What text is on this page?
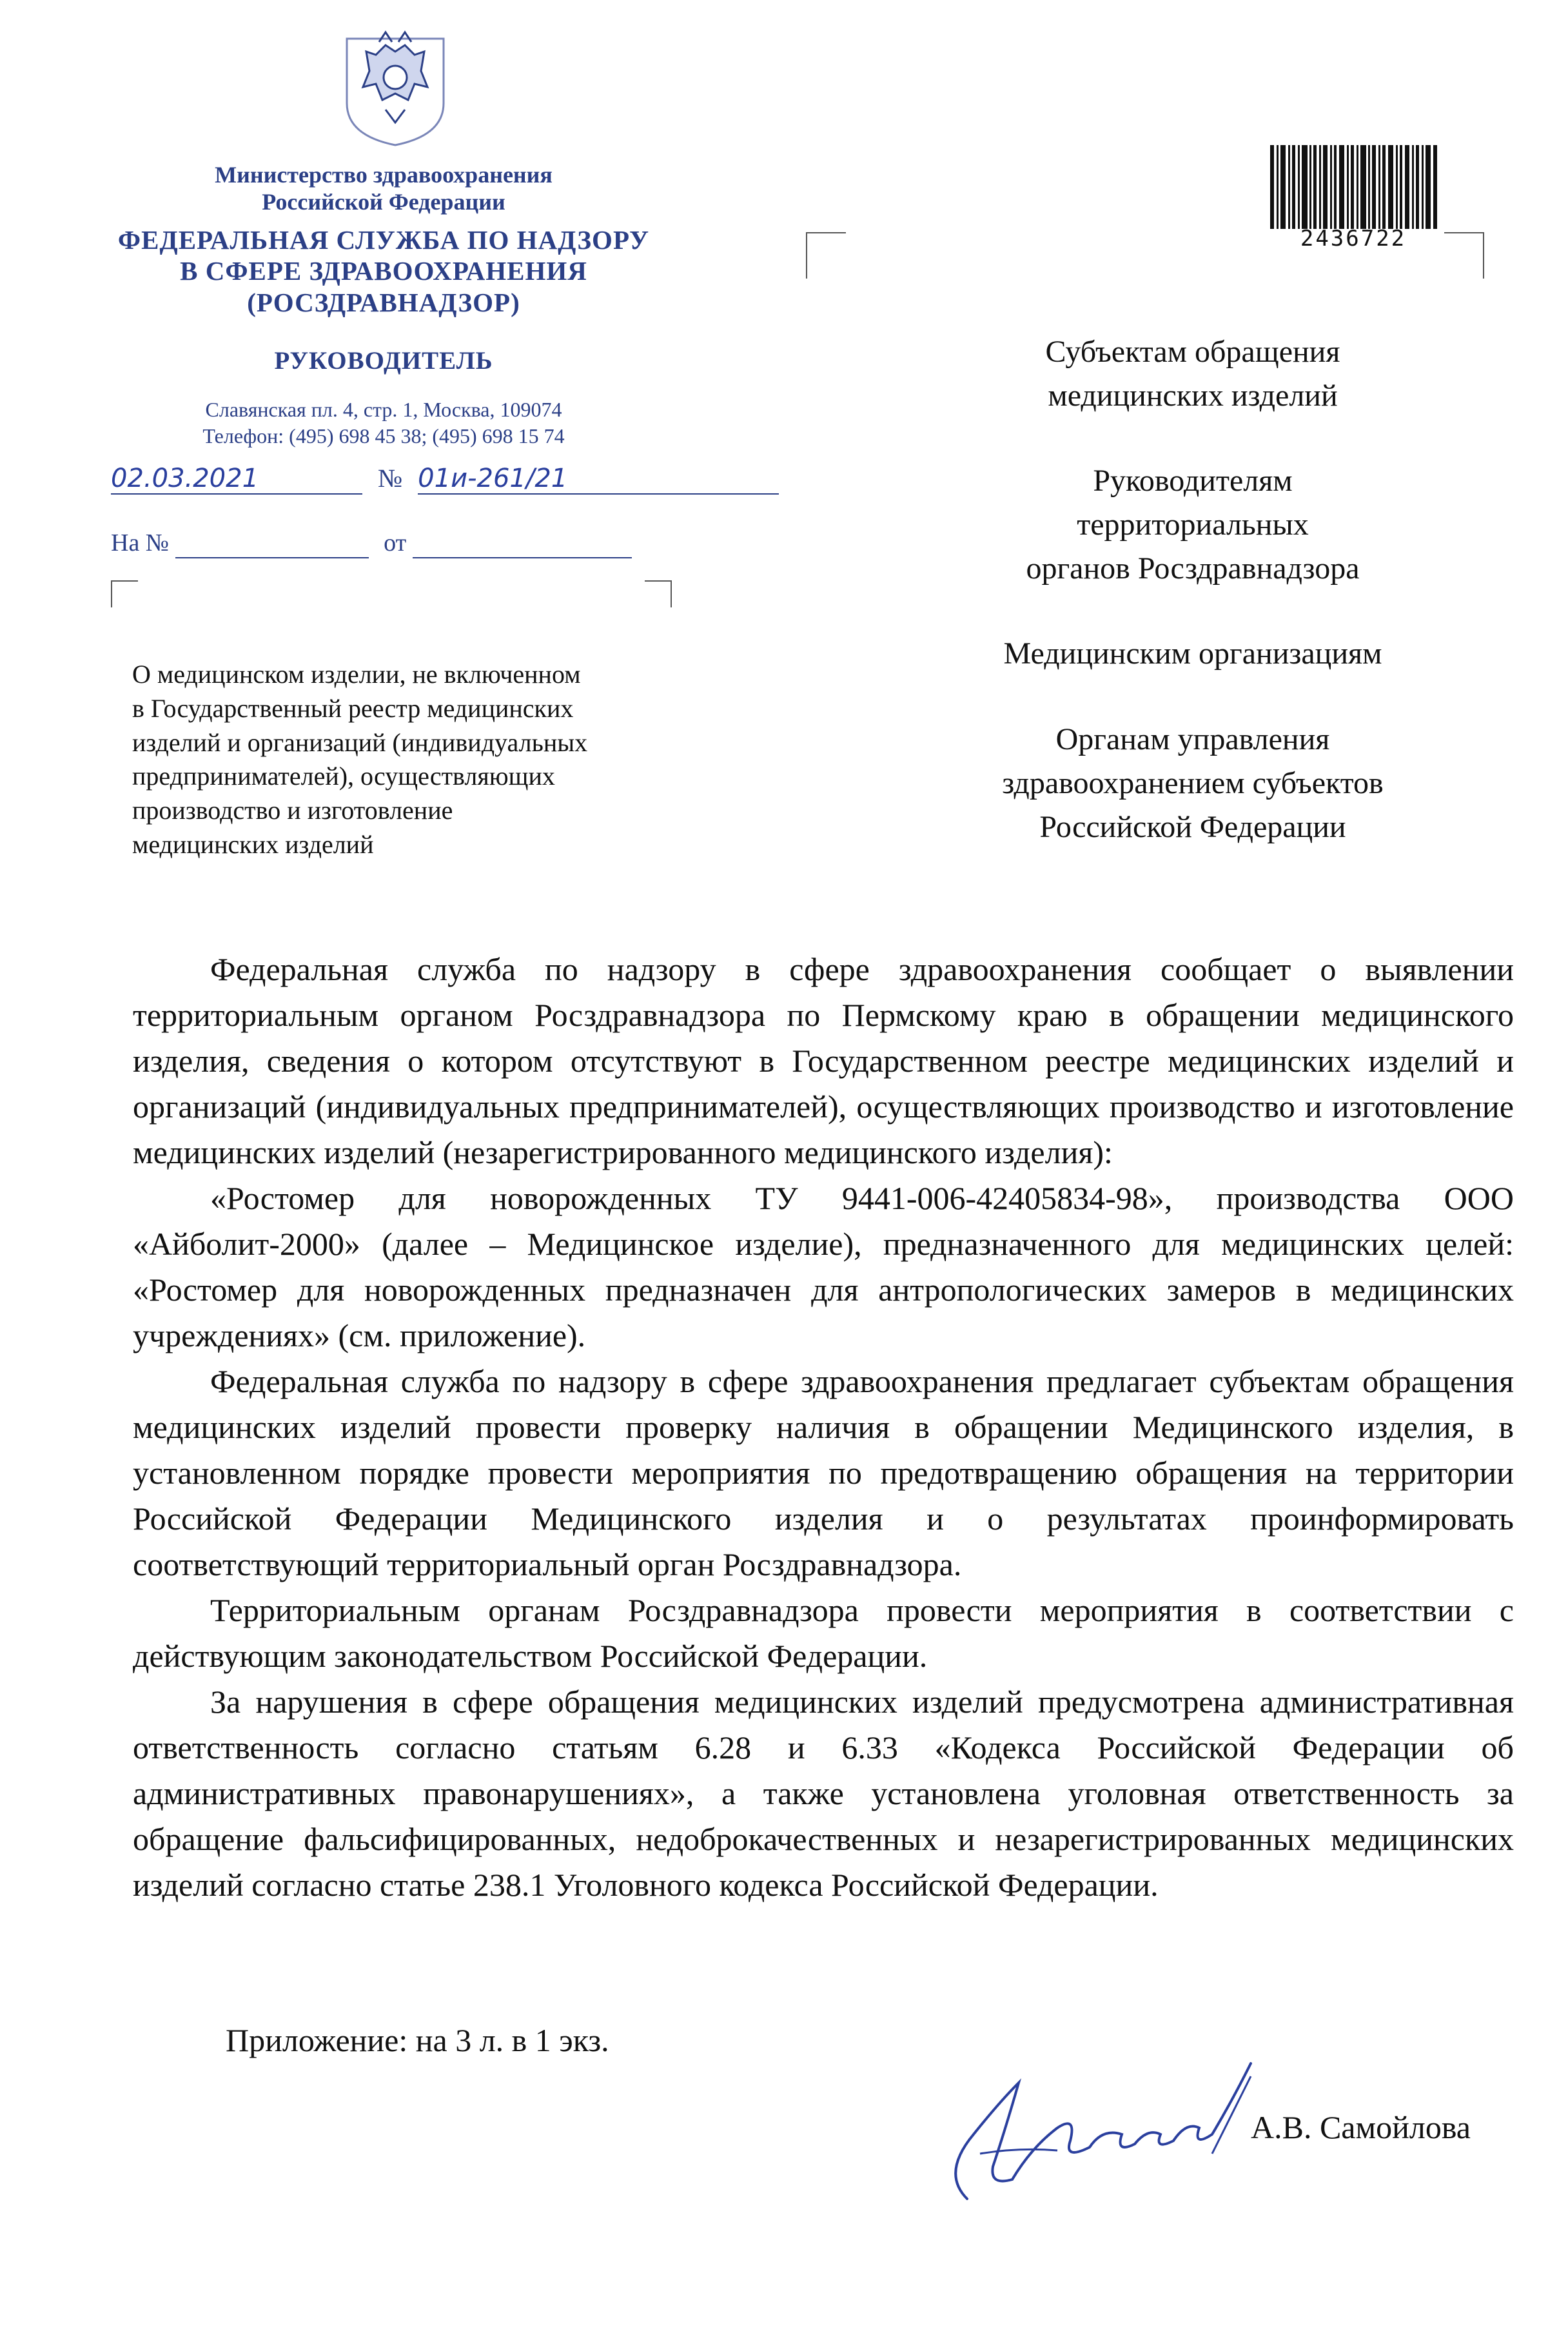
Министерство здравоохранения
Российской Федерации
ФЕДЕРАЛЬНАЯ СЛУЖБА ПО НАДЗОРУ
В СФЕРЕ ЗДРАВООХРАНЕНИЯ
(РОСЗДРАВНАДЗОР)
РУКОВОДИТЕЛЬ
Славянская пл. 4, стр. 1, Москва, 109074
Телефон: (495) 698 45 38; (495) 698 15 74
02.03.2021	№ 01и-261/21
На №	от
О медицинском изделии, не включенном
в Государственный реестр медицинских
изделий и организаций (индивидуальных
предпринимателей), осуществляющих
производство и изготовление
медицинских изделий
2436722
Субъектам обращения
медицинских изделий
Руководителям
территориальных
органов Росздравнадзора
Медицинским организациям
Органам управления
здравоохранением субъектов
Российской Федерации

Федеральная служба по надзору в сфере здравоохранения сообщает о выявлении территориальным органом Росздравнадзора по Пермскому краю в обращении медицинского изделия, сведения о котором отсутствуют в Государственном реестре медицинских изделий и организаций (индивидуальных предпринимателей), осуществляющих производство и изготовление медицинских изделий (незарегистрированного медицинского изделия):

«Ростомер для новорожденных ТУ 9441-006-42405834-98», производства ООО «Айболит-2000» (далее – Медицинское изделие), предназначенного для медицинских целей: «Ростомер для новорожденных предназначен для антропологических замеров в медицинских учреждениях» (см. приложение).

Федеральная служба по надзору в сфере здравоохранения предлагает субъектам обращения медицинских изделий провести проверку наличия в обращении Медицинского изделия, в установленном порядке провести мероприятия по предотвращению обращения на территории Российской Федерации Медицинского изделия и о результатах проинформировать соответствующий территориальный орган Росздравнадзора.

Территориальным органам Росздравнадзора провести мероприятия в соответствии с действующим законодательством Российской Федерации.

За нарушения в сфере обращения медицинских изделий предусмотрена административная ответственность согласно статьям 6.28 и 6.33 «Кодекса Российской Федерации об административных правонарушениях», а также установлена уголовная ответственность за обращение фальсифицированных, недоброкачественных и незарегистрированных медицинских изделий согласно статье 238.1 Уголовного кодекса Российской Федерации.

Приложение: на 3 л. в 1 экз.
А.В. Самойлова
